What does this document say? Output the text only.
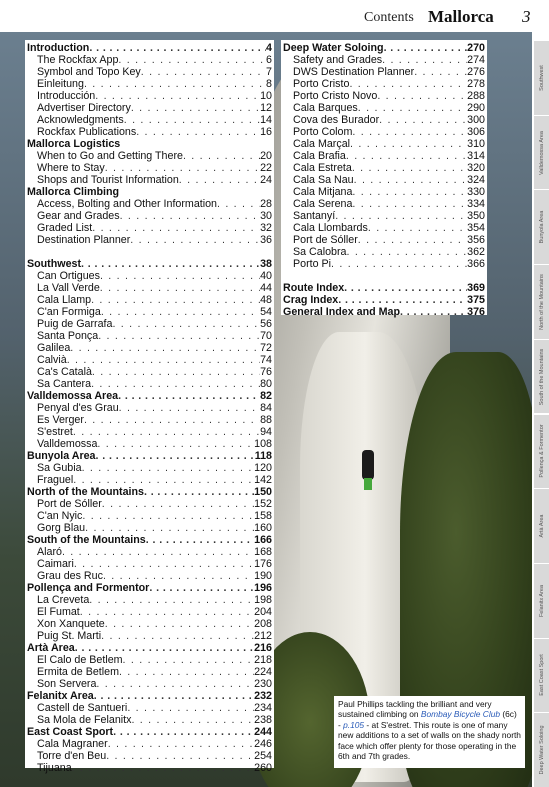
Contents Mallorca 3
Southwest
Valldemossa Area
Bunyola Area
North of the Mountains
South of the Mountains
Pollença & Formentor
Artà Area
Felanitx Area
East Coast Sport
Deep Water Soloing
Introduction . . .	4
The Rockfax App . . .	6
Symbol and Topo Key . . .	7
Einleitung . . .	8
Introducción . . .	10
Advertiser Directory . . .	12
Acknowledgments . . .	14
Rockfax Publications . . .	16
Mallorca Logistics
When to Go and Getting There . . .	20
Where to Stay . . .	22
Shops and Tourist Information . . .	24
Mallorca Climbing
Access, Bolting and Other Information . . .	28
Gear and Grades . . .	30
Graded List . . .	32
Destination Planner . . .	36
Southwest . . .	38
Can Ortigues . . .	40
La Vall Verde . . .	44
Cala Llamp . . .	48
C'an Formiga . . .	54
Puig de Garrafa . . .	56
Santa Ponça . . .	70
Galilea . . .	72
Calvià . . .	74
Ca's Català . . .	76
Sa Cantera . . .	80
Valldemossa Area . . .	82
Penyal d'es Grau . . .	84
Es Verger . . .	88
S'estret . . .	94
Valldemossa . . .	108
Bunyola Area . . .	118
Sa Gubia . . .	120
Fraguel . . .	142
North of the Mountains . . .	150
Port de Sóller . . .	152
C'an Nyic . . .	158
Gorg Blau . . .	160
South of the Mountains . . .	166
Alaró . . .	168
Caimari . . .	176
Grau des Ruc . . .	190
Pollença and Formentor . . .	196
La Creveta . . .	198
El Fumat . . .	204
Xon Xanquete . . .	208
Puig St. Marti . . .	212
Artà Area . . .	216
El Calo de Betlem . . .	218
Ermita de Betlem . . .	224
Son Servera . . .	230
Felanitx Area . . .	232
Castell de Santueri . . .	234
Sa Mola de Felanitx . . .	238
East Coast Sport . . .	244
Cala Magraner . . .	246
Torre d'en Beu . . .	254
Tijuana . . .	260
Deep Water Soloing . . .	270
Safety and Grades . . .	274
DWS Destination Planner . . .	276
Porto Cristo . . .	278
Porto Cristo Novo . . .	288
Cala Barques . . .	290
Cova des Burador . . .	300
Porto Colom . . .	306
Cala Marçal . . .	310
Cala Brafia . . .	314
Cala Estreta . . .	320
Cala Sa Nau . . .	324
Cala Mitjana . . .	330
Cala Serena . . .	334
Santanyí . . .	350
Cala Llombards . . .	354
Port de Sóller . . .	356
Sa Calobra . . .	362
Porto Pi . . .	366
Route Index . . .	369
Crag Index . . .	375
General Index and Map . . .	376
Paul Phillips tackling the brilliant and very sustained climbing on Bombay Bicycle Club (6c) - p.105 - at S'estret. This route is one of many new additions to a set of walls on the shady north face which offer plenty for those operating in the 6th and 7th grades.
